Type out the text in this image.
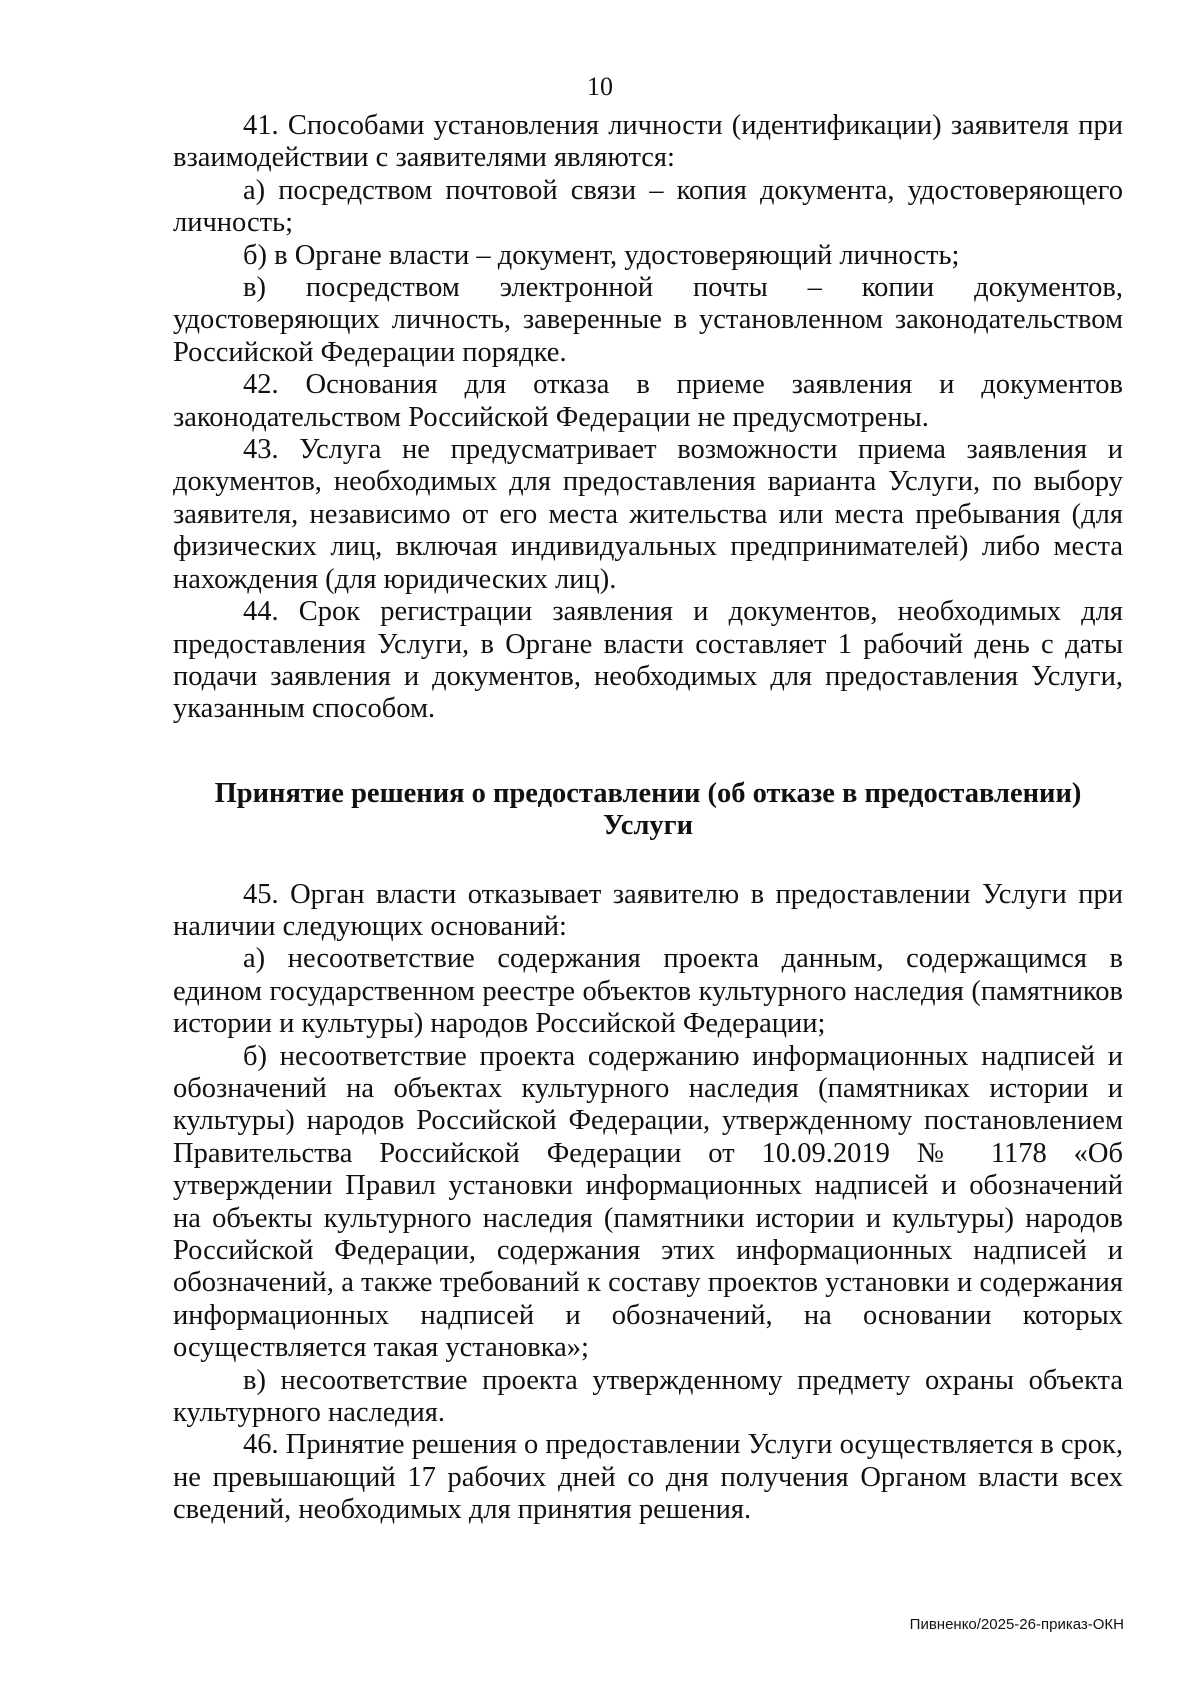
10

41. Способами установления личности (идентификации) заявителя при взаимодействии с заявителями являются:

а) посредством почтовой связи – копия документа, удостоверяющего личность;

б) в Органе власти – документ, удостоверяющий личность;

в) посредством электронной почты – копии документов, удостоверяющих личность, заверенные в установленном законодательством Российской Федерации порядке.

42. Основания для отказа в приеме заявления и документов законодательством Российской Федерации не предусмотрены.

43. Услуга не предусматривает возможности приема заявления и документов, необходимых для предоставления варианта Услуги, по выбору заявителя, независимо от его места жительства или места пребывания (для физических лиц, включая индивидуальных предпринимателей) либо места нахождения (для юридических лиц).

44. Срок регистрации заявления и документов, необходимых для предоставления Услуги, в Органе власти составляет 1 рабочий день с даты подачи заявления и документов, необходимых для предоставления Услуги, указанным способом.

Принятие решения о предоставлении (об отказе в предоставлении) Услуги

45. Орган власти отказывает заявителю в предоставлении Услуги при наличии следующих оснований:

а) несоответствие содержания проекта данным, содержащимся в едином государственном реестре объектов культурного наследия (памятников истории и культуры) народов Российской Федерации;

б) несоответствие проекта содержанию информационных надписей и обозначений на объектах культурного наследия (памятниках истории и культуры) народов Российской Федерации, утвержденному постановлением Правительства Российской Федерации от 10.09.2019 № 1178 «Об утверждении Правил установки информационных надписей и обозначений на объекты культурного наследия (памятники истории и культуры) народов Российской Федерации, содержания этих информационных надписей и обозначений, а также требований к составу проектов установки и содержания информационных надписей и обозначений, на основании которых осуществляется такая установка»;

в) несоответствие проекта утвержденному предмету охраны объекта культурного наследия.

46. Принятие решения о предоставлении Услуги осуществляется в срок, не превышающий 17 рабочих дней со дня получения Органом власти всех сведений, необходимых для принятия решения.

Пивненко/2025-26-приказ-ОКН
